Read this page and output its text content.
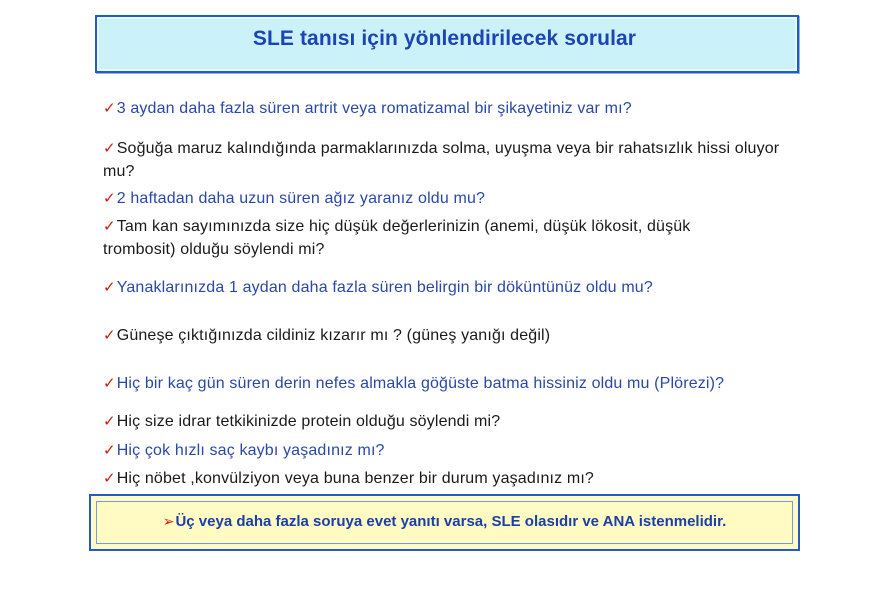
SLE tanısı için yönlendirilecek sorular
✓3 aydan daha fazla süren artrit veya romatizamal bir şikayetiniz var mı?
✓Soğuğa maruz kalındığında parmaklarınızda solma, uyuşma veya bir rahatsızlık hissi oluyor mu?
✓2 haftadan daha uzun süren ağız yaranız oldu mu?
✓Tam kan sayımınızda size hiç düşük değerlerinizin (anemi, düşük lökosit, düşük trombosit) olduğu söylendi mi?
✓Yanaklarınızda 1 aydan daha fazla süren belirgin bir döküntünüz oldu mu?
✓Güneşe çıktığınızda cildiniz kızarır mı ? (güneş yanığı değil)
✓Hiç bir kaç gün süren derin nefes almakla göğüste batma hissiniz oldu mu (Plörezi)?
✓Hiç size idrar tetkikinizde protein olduğu söylendi mi?
✓Hiç çok hızlı saç kaybı yaşadınız mı?
✓Hiç nöbet ,konvülziyon veya buna benzer bir durum yaşadınız mı?
➢Üç veya daha fazla soruya evet yanıtı varsa, SLE olasıdır ve ANA istenmelidir.
